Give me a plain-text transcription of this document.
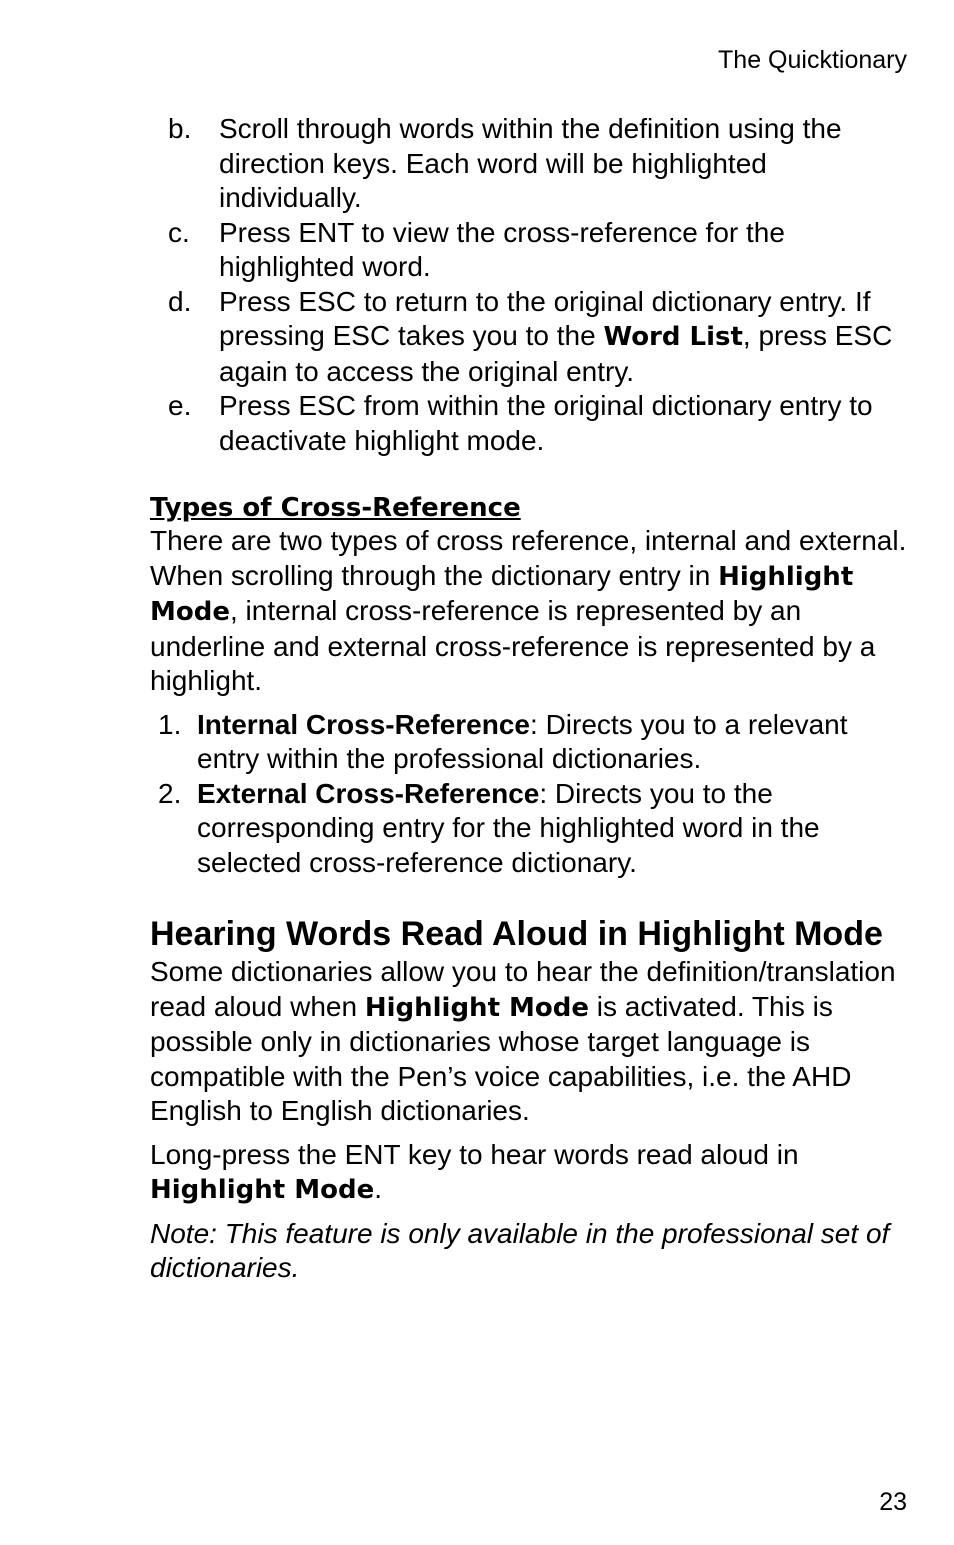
The Quicktionary
b. Scroll through words within the definition using the direction keys. Each word will be highlighted individually.
c.	Press ENT to view the cross-reference for the highlighted word.
d. Press ESC to return to the original dictionary entry. If pressing ESC takes you to the Word List, press ESC again to access the original entry.
e. Press ESC from within the original dictionary entry to deactivate highlight mode.
Types of Cross-Reference

There are two types of cross reference, internal and external. When scrolling through the dictionary entry in Highlight Mode, internal cross-reference is represented by an underline and external cross-reference is represented by a highlight.

1. Internal Cross-Reference: Directs you to a relevant entry within the professional dictionaries.
2. External Cross-Reference: Directs you to the corresponding entry for the highlighted word in the selected cross-reference dictionary.
Hearing Words Read Aloud in Highlight Mode

Some dictionaries allow you to hear the definition/translation read aloud when Highlight Mode is activated. This is possible only in dictionaries whose target language is compatible with the Pen’s voice capabilities, i.e. the AHD English to English dictionaries.

Long-press the ENT key to hear words read aloud in Highlight Mode.

Note: This feature is only available in the professional set of dictionaries.

23
